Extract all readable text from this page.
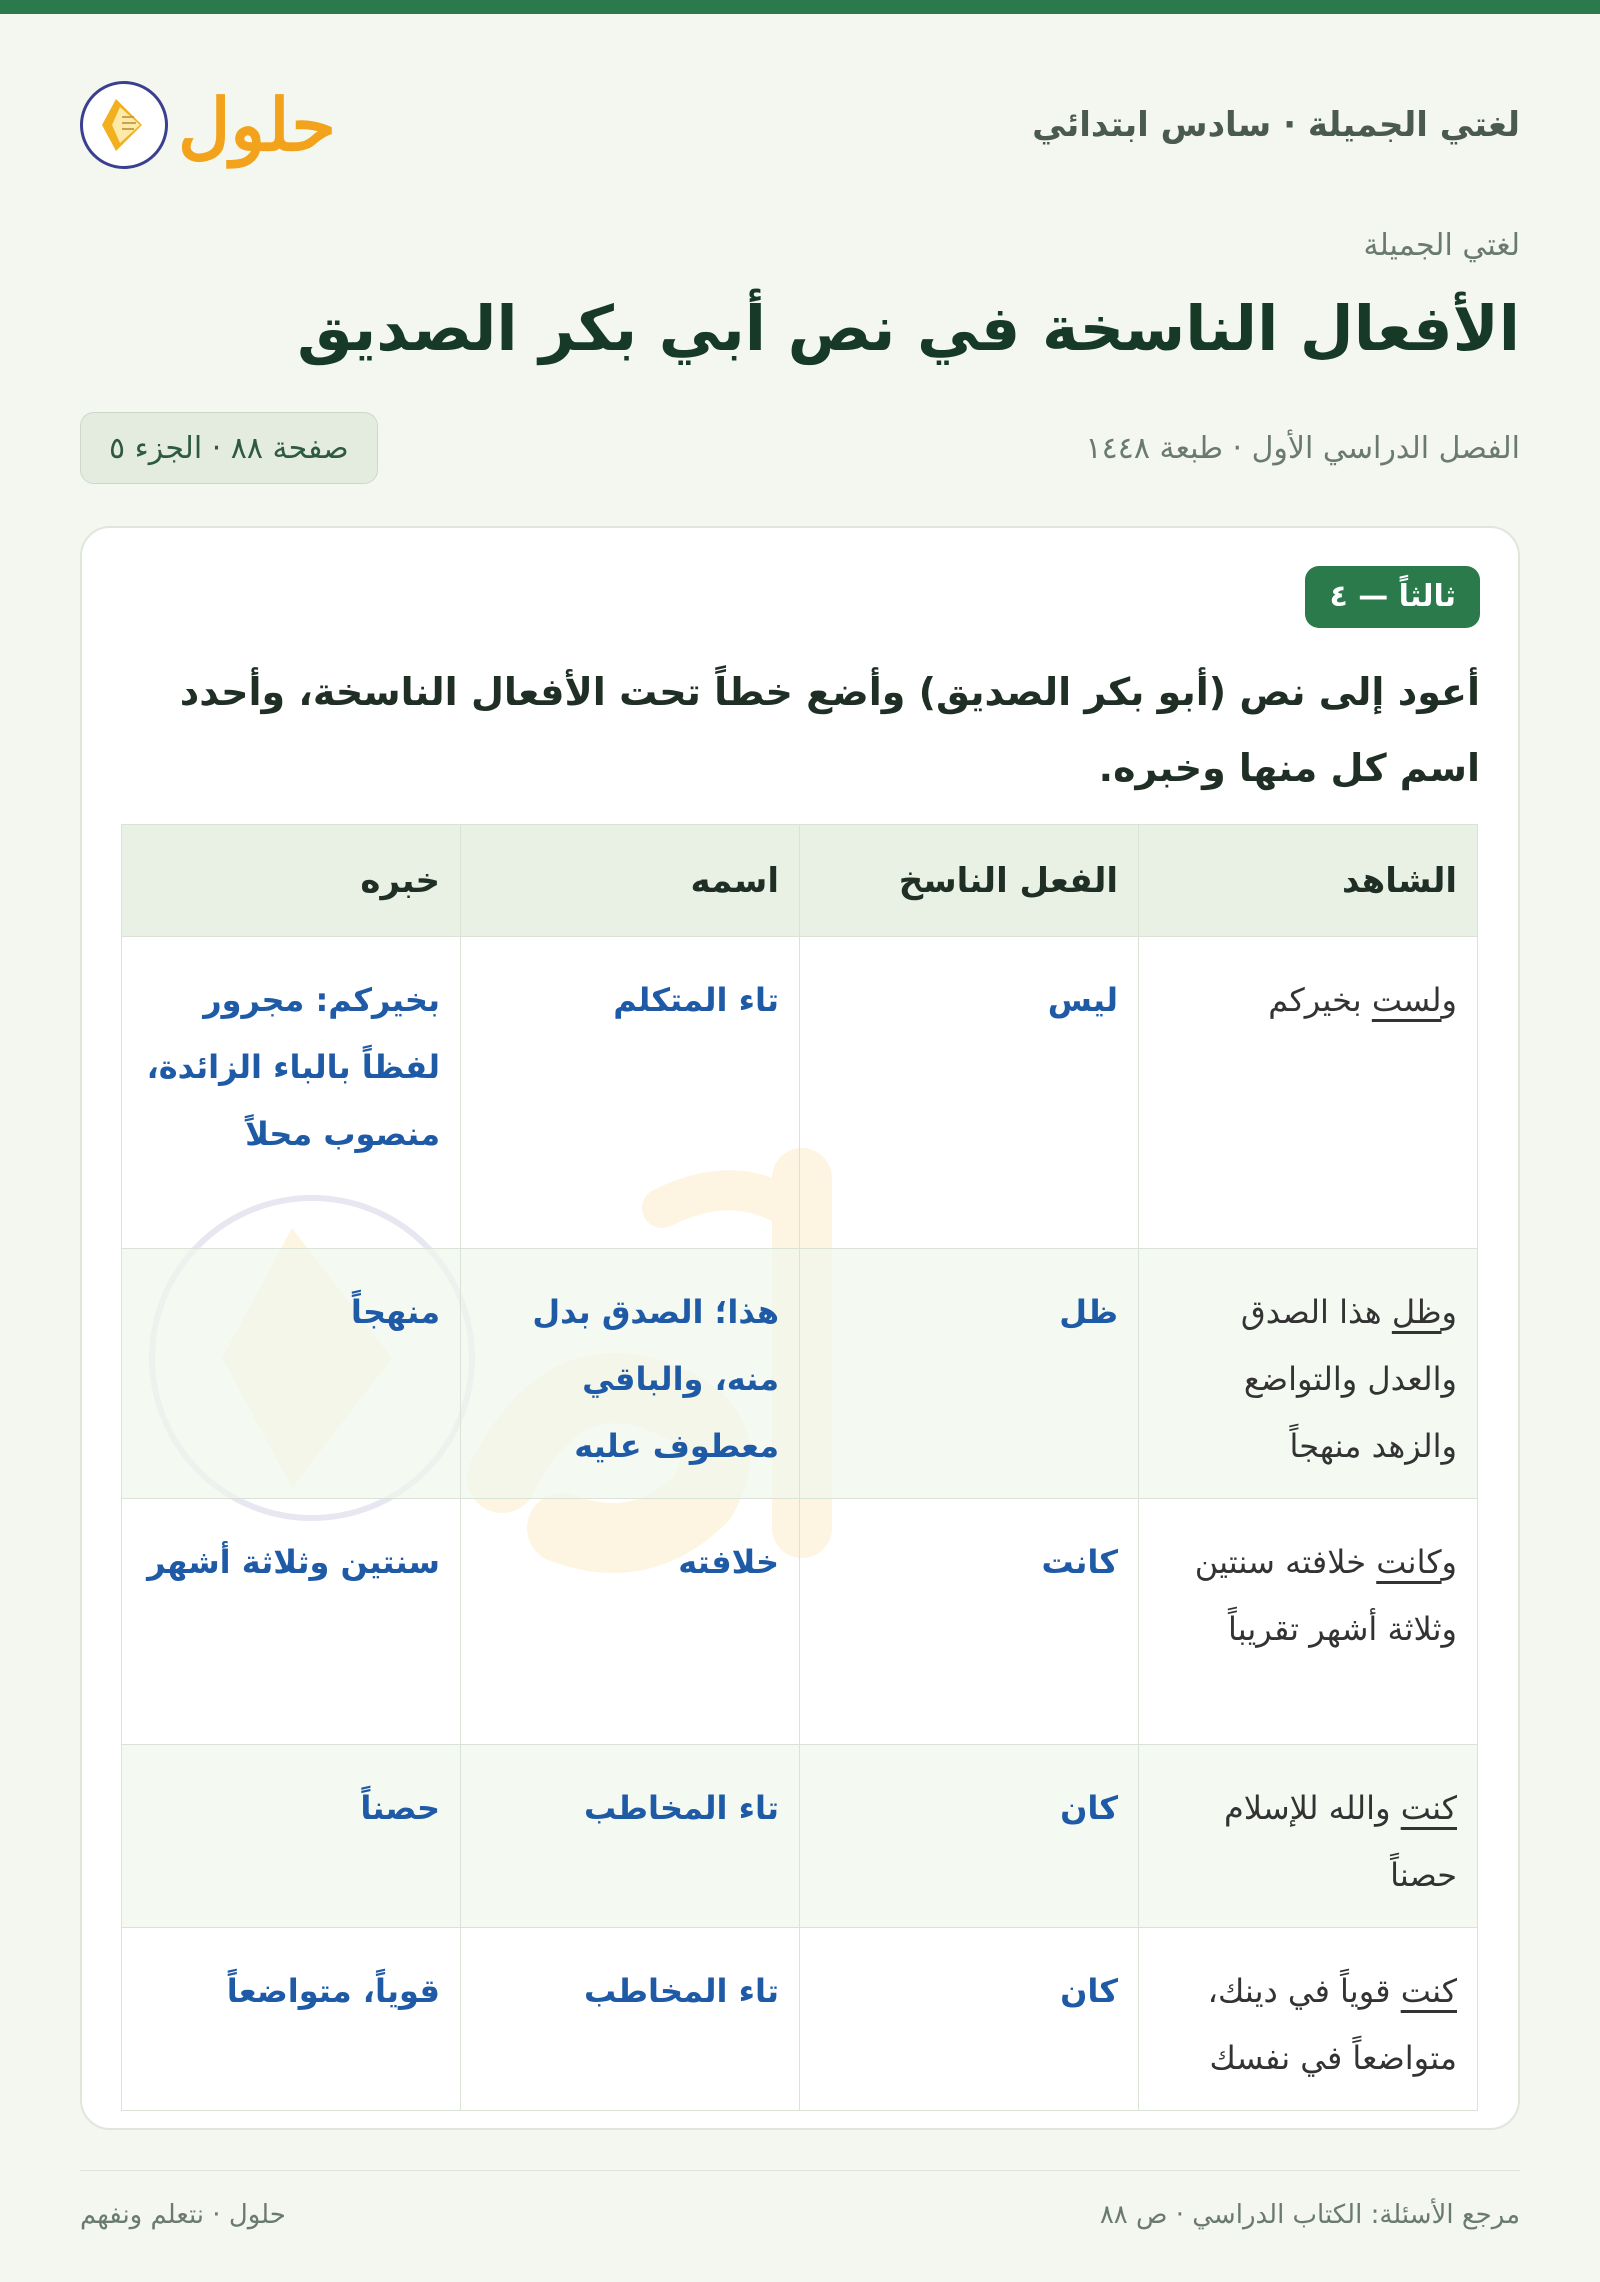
لغتي الجميلة · سادس ابتدائي
حلول
لغتي الجميلة
الأفعال الناسخة في نص أبي بكر الصديق
الفصل الدراسي الأول · طبعة ١٤٤٨
صفحة ٨٨ · الجزء ٥
ثالثاً — ٤

أعود إلى نص (أبو بكر الصديق) وأضع خطاً تحت الأفعال الناسخة، وأحدد اسم كل منها وخبره.

الشاهد	الفعل الناسخ	اسمه	خبره
ولست بخيركم	ليس	تاء المتكلم	بخيركم: مجرور لفظاً بالباء الزائدة، منصوب محلاً
وظل هذا الصدق والعدل والتواضع والزهد منهجاً	ظل	هذا؛ الصدق بدل منه، والباقي معطوف عليه	منهجاً
وكانت خلافته سنتين وثلاثة أشهر تقريباً	كانت	خلافته	سنتين وثلاثة أشهر
كنت والله للإسلام حصناً	كان	تاء المخاطب	حصناً
كنت قوياً في دينك، متواضعاً في نفسك	كان	تاء المخاطب	قوياً، متواضعاً
مرجع الأسئلة: الكتاب الدراسي · ص ٨٨
حلول · نتعلم ونفهم
